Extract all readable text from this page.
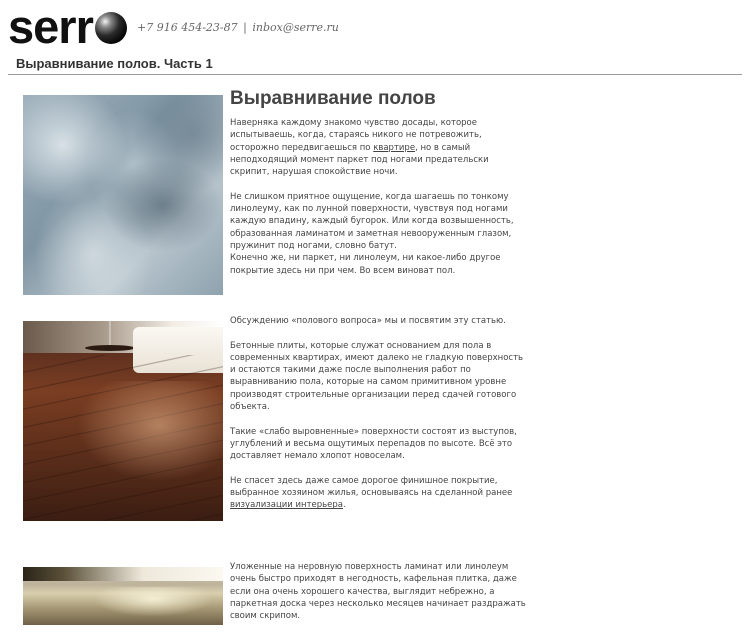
serr	+7 916 454-23-87 | inbox@serre.ru
Выравнивание полов. Часть 1
Выравнивание полов

Наверняка каждому знакомо чувство досады, которое испытываешь, когда, стараясь никого не потревожить, осторожно передвигаешься по квартире, но в самый неподходящий момент паркет под ногами предательски скрипит, нарушая спокойствие ночи.

Не слишком приятное ощущение, когда шагаешь по тонкому линолеуму, как по лунной поверхности, чувствуя под ногами каждую впадину, каждый бугорок. Или когда возвышенность, образованная ламинатом и заметная невооруженным глазом, пружинит под ногами, словно батут.

Конечно же, ни паркет, ни линолеум, ни какое-либо другое покрытие здесь ни при чем. Во всем виноват пол.

Обсуждению «полового вопроса» мы и посвятим эту статью.

Бетонные плиты, которые служат основанием для пола в современных квартирах, имеют далеко не гладкую поверхность и остаются такими даже после выполнения работ по выравниванию пола, которые на самом примитивном уровне производят строительные организации перед сдачей готового объекта.

Такие «слабо выровненные» поверхности состоят из выступов, углублений и весьма ощутимых перепадов по высоте. Всё это доставляет немало хлопот новоселам.

Не спасет здесь даже самое дорогое финишное покрытие, выбранное хозяином жилья, основываясь на сделанной ранее визуализации интерьера.

Уложенные на неровную поверхность ламинат или линолеум очень быстро приходят в негодность, кафельная плитка, даже если она очень хорошего качества, выглядит небрежно, а паркетная доска через несколько месяцев начинает раздражать своим скрипом.
